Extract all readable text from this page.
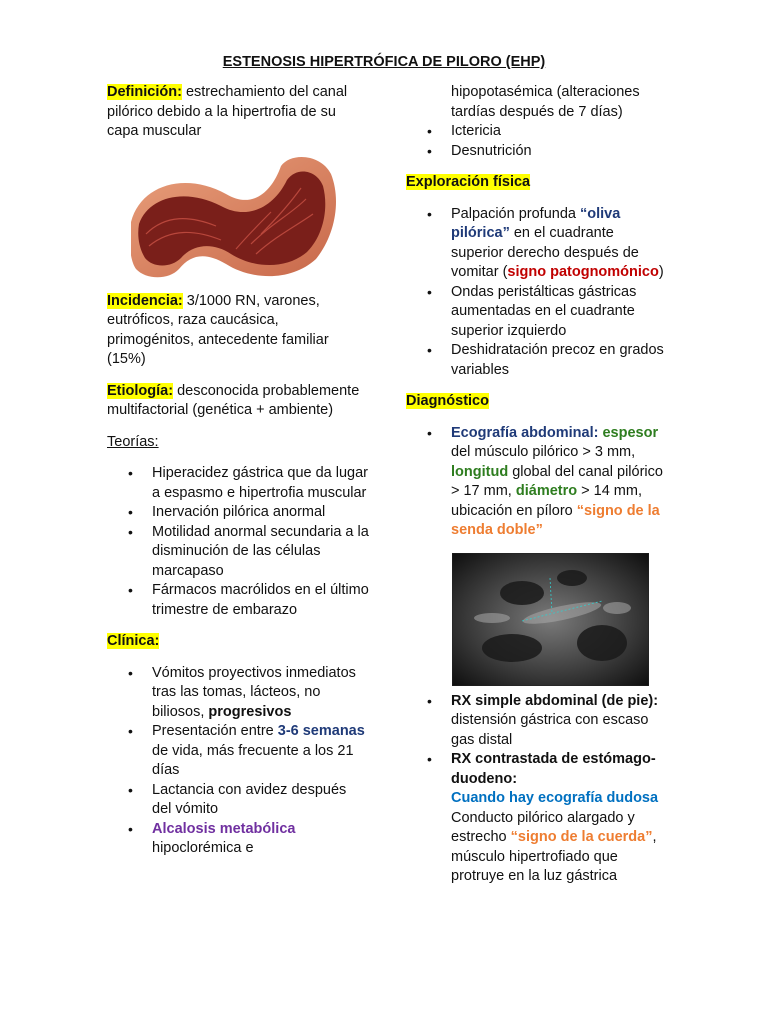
ESTENOSIS HIPERTRÓFICA DE PILORO (EHP)

Definición: estrechamiento del canal pilórico debido a la hipertrofia de su capa muscular

Incidencia: 3/1000 RN, varones, eutróficos, raza caucásica, primogénitos, antecedente familiar (15%)

Etiología: desconocida probablemente multifactorial (genética + ambiente)

Teorías:

• Hiperacidez gástrica que da lugar a espasmo e hipertrofia muscular
• Inervación pilórica anormal
• Motilidad anormal secundaria a la disminución de las células marcapaso
• Fármacos macrólidos en el último trimestre de embarazo

Clínica:

• Vómitos proyectivos inmediatos tras las tomas, lácteos, no biliosos, progresivos
• Presentación entre 3-6 semanas de vida, más frecuente a los 21 días
• Lactancia con avidez después del vómito
• Alcalosis metabólica hipoclorémica e
hipopotasémica (alteraciones tardías después de 7 días)
• Ictericia
• Desnutrición

Exploración física

• Palpación profunda “oliva pilórica” en el cuadrante superior derecho después de vomitar (signo patognomónico)
• Ondas peristálticas gástricas aumentadas en el cuadrante superior izquierdo
• Deshidratación precoz en grados variables

Diagnóstico

• Ecografía abdominal: espesor del músculo pilórico > 3 mm, longitud global del canal pilórico > 17 mm, diámetro > 14 mm, ubicación en píloro “signo de la senda doble”
• RX simple abdominal (de pie): distensión gástrica con escaso gas distal
• RX contrastada de estómago-duodeno:
Cuando hay ecografía dudosa
Conducto pilórico alargado y estrecho “signo de la cuerda”, músculo hipertrofiado que protruye en la luz gástrica
